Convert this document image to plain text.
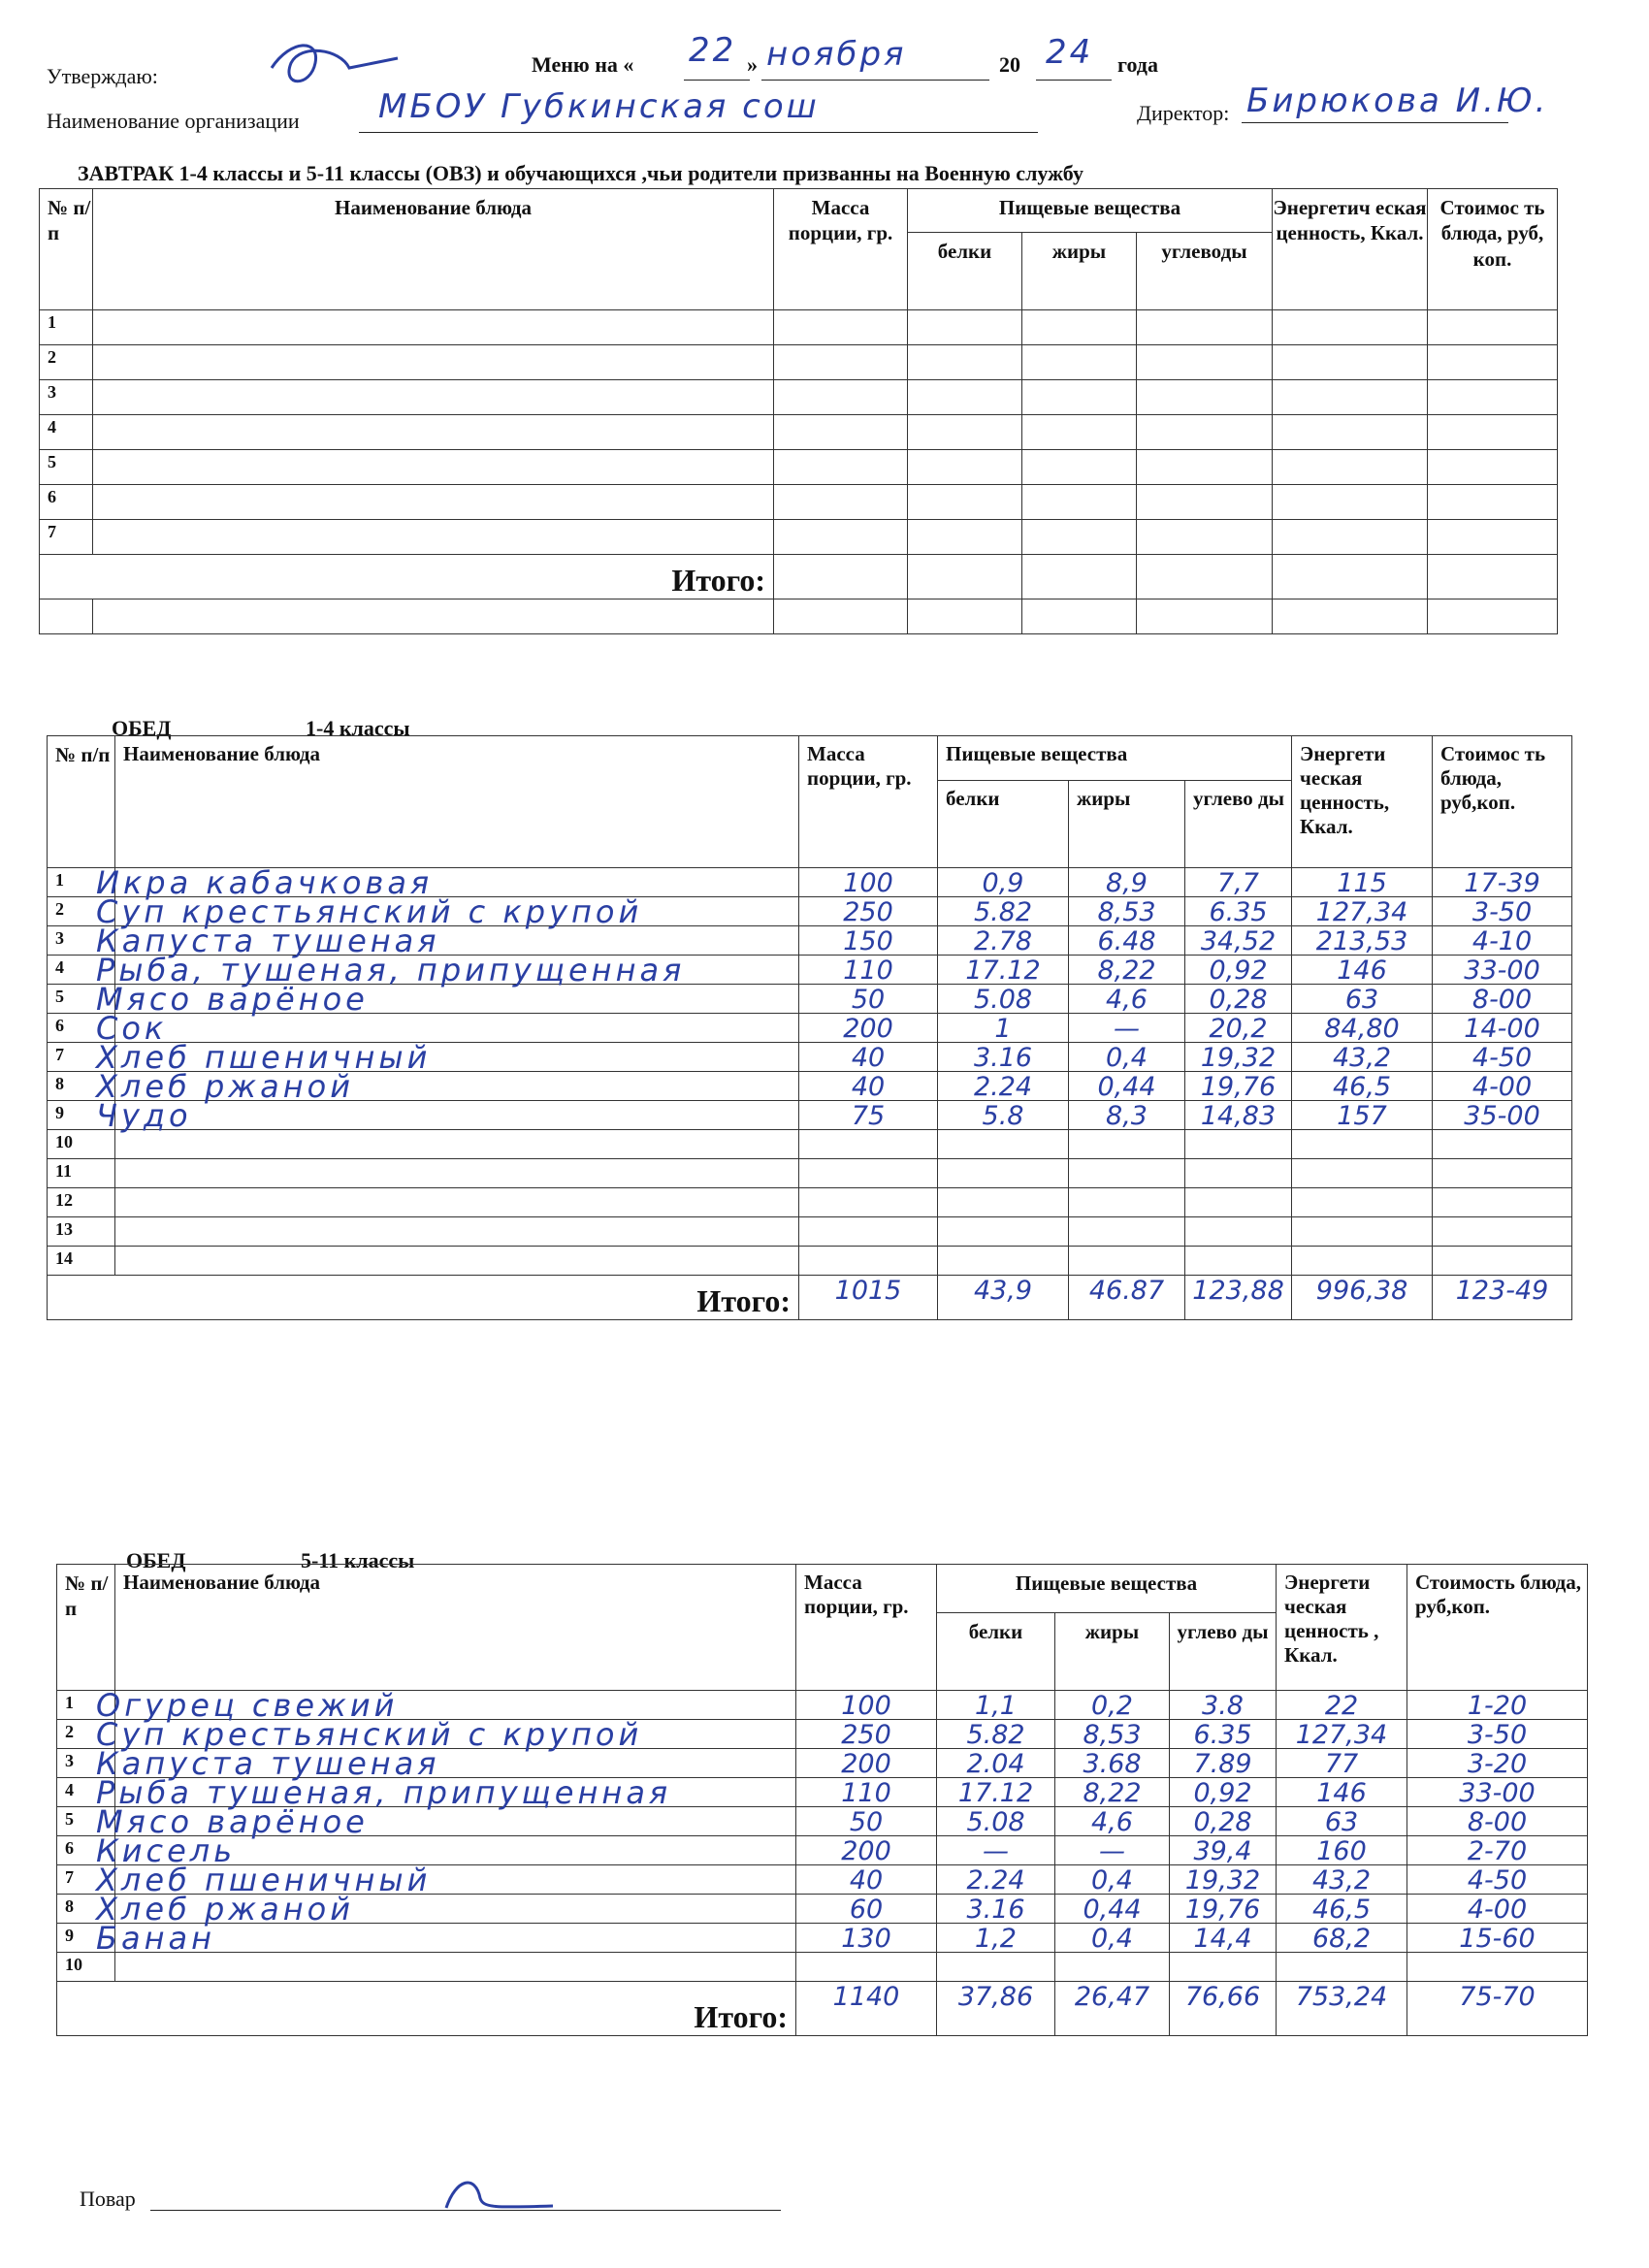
Утверждаю:	Меню на « 22 » ноября	20 24 года
Наименование организации МБОУ Губкинская сош	Директор: Бирюкова И.Ю.
ЗАВТРАК 1-4 классы и 5-11 классы (ОВЗ) и обучающихся ,чьи родители призванны на Военную службу
№ п/ п	Наименование блюда	Масса порции, гр.	Пищевые вещества			Энергетич еская ценность, Ккал.	Стоимос ть блюда, руб, коп.
			белки	жиры	углеводы		
1							
2							
3							
4							
5							
6							
7							
Итого:							

ОБЕД	1-4 классы
№ п/п	Наименование блюда	Масса порции, гр.	Пищевые вещества			Энергети ческая ценность, Ккал.	Стоимос ть блюда, руб,коп.
			белки	жиры	углево ды		
1	Икра кабачковая	100	0,9	8,9	7,7	115	17-39

2	Суп крестьянский с крупой	250	5.82	8,53	6.35	127,34	3-50

3	Капуста тушеная	150	2.78	6.48	34,52	213,53	4-10

4	Рыба, тушеная, припущенная	110	17.12	8,22	0,92	146	33-00

5	Мясо варёное	50	5.08	4,6	0,28	63	8-00

6	Сок	200	1	—	20,2	84,80	14-00

7	Хлеб пшеничный	40	3.16	0,4	19,32	43,2	4-50

8	Хлеб ржаной	40	2.24	0,44	19,76	46,5	4-00

9	Чудо	75	5.8	8,3	14,83	157	35-00

10	

11	

12	

13	

14	

Итого:		1015	43,9	46.87	123,88	996,38	123-49
ОБЕД	5-11 классы
№ п/ п	Наименование блюда	Масса порции, гр.	Пищевые вещества			Энергети ческая ценность , Ккал.	Стоимость блюда, руб,коп.
			белки	жиры	углево ды		
1	Огурец свежий	100	1,1	0,2	3.8	22	1-20

2	Суп крестьянский с крупой	250	5.82	8,53	6.35	127,34	3-50

3	Капуста тушеная	200	2.04	3.68	7.89	77	3-20

4	Рыба тушеная, припущенная	110	17.12	8,22	0,92	146	33-00

5	Мясо варёное	50	5.08	4,6	0,28	63	8-00

6	Кисель	200	—	—	39,4	160	2-70

7	Хлеб пшеничный	40	2.24	0,4	19,32	43,2	4-50

8	Хлеб ржаной	60	3.16	0,44	19,76	46,5	4-00

9	Банан	130	1,2	0,4	14,4	68,2	15-60

10	

Итого:		1140	37,86	26,47	76,66	753,24	75-70
Повар
